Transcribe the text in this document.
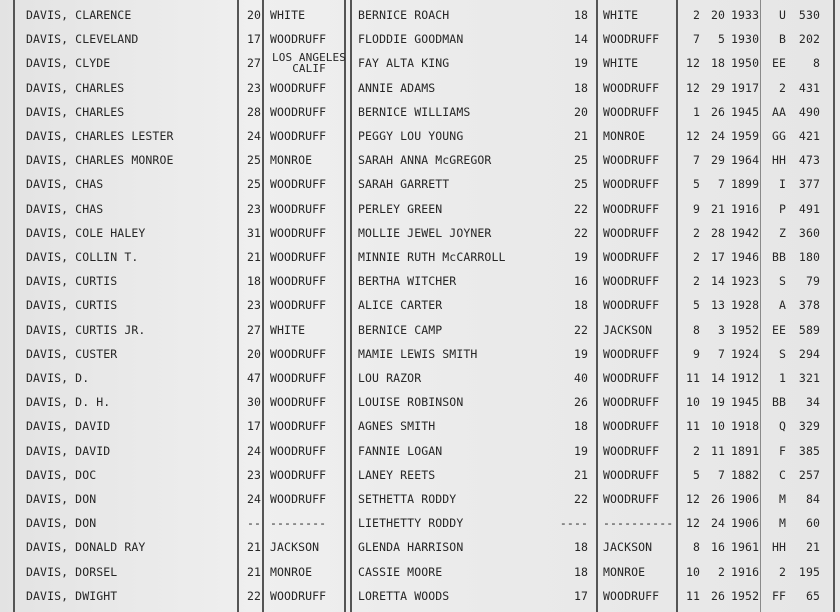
DAVIS, CLARENCE	20 WHITE	BERNICE ROACH	18 WHITE	2 20 1933	U	530
DAVIS, CLEVELAND	17 WOODRUFF	FLODDIE GOODMAN	14 WOODRUFF	7	5 1930	B	202
DAVIS, CLYDE	27	LOS ANGELES CALIF	FAY ALTA KING	19 WHITE	12 18 1950	EE	8
DAVIS, CHARLES	23 WOODRUFF	ANNIE ADAMS	18 WOODRUFF	12 29 1917	2	431
DAVIS, CHARLES	28 WOODRUFF	BERNICE WILLIAMS	20 WOODRUFF	1 26 1945	AA	490
DAVIS, CHARLES LESTER	24 WOODRUFF	PEGGY LOU YOUNG	21 MONROE	12 24 1959	GG	421
DAVIS, CHARLES MONROE	25 MONROE	SARAH ANNA McGREGOR	25 WOODRUFF	7 29 1964	HH	473
DAVIS, CHAS	25 WOODRUFF	SARAH GARRETT	25 WOODRUFF	5	7 1899	I	377
DAVIS, CHAS	23 WOODRUFF	PERLEY GREEN	22 WOODRUFF	9 21 1916	P	491
DAVIS, COLE HALEY	31 WOODRUFF	MOLLIE JEWEL JOYNER	22 WOODRUFF	2 28 1942	Z	360
DAVIS, COLLIN T.	21 WOODRUFF	MINNIE RUTH McCARROLL	19 WOODRUFF	2 17 1946	BB	180
DAVIS, CURTIS	18 WOODRUFF	BERTHA WITCHER	16 WOODRUFF	2 14 1923	S	79
DAVIS, CURTIS	23 WOODRUFF	ALICE CARTER	18 WOODRUFF	5 13 1928	A	378
DAVIS, CURTIS JR.	27 WHITE	BERNICE CAMP	22 JACKSON	8	3 1952	EE	589
DAVIS, CUSTER	20 WOODRUFF	MAMIE LEWIS SMITH	19 WOODRUFF	9	7 1924	S	294
DAVIS, D.	47 WOODRUFF	LOU RAZOR	40 WOODRUFF	11 14 1912	1	321
DAVIS, D. H.	30 WOODRUFF	LOUISE ROBINSON	26 WOODRUFF	10 19 1945	BB	34
DAVIS, DAVID	17 WOODRUFF	AGNES SMITH	18 WOODRUFF	11 10 1918	Q	329
DAVIS, DAVID	24 WOODRUFF	FANNIE LOGAN	19 WOODRUFF	2 11 1891	F	385
DAVIS, DOC	23 WOODRUFF	LANEY REETS	21 WOODRUFF	5	7 1882	C	257
DAVIS, DON	24 WOODRUFF	SETHETTA RODDY	22 WOODRUFF	12 26 1906	M	84
DAVIS, DON	-- --------	LIETHETTY RODDY	---- ----------	12 24 1906	M	60
DAVIS, DONALD RAY	21 JACKSON	GLENDA HARRISON	18 JACKSON	8 16 1961	HH	21
DAVIS, DORSEL	21 MONROE	CASSIE MOORE	18 MONROE	10	2 1916	2	195
DAVIS, DWIGHT	22 WOODRUFF	LORETTA WOODS	17 WOODRUFF	11 26 1952	FF	65
